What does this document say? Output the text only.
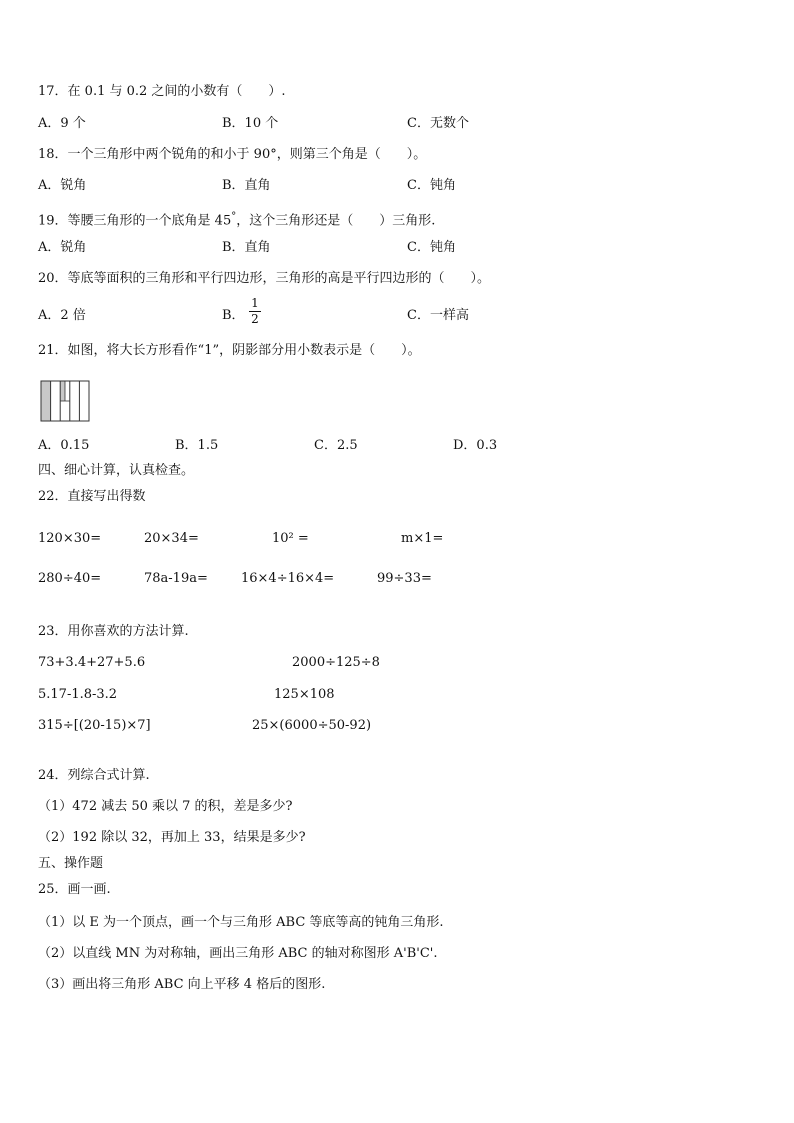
17．在 0.1 与 0.2 之间的小数有（　　）.
A．9 个	B．10 个	C．无数个
18．一个三角形中两个锐角的和小于 90°，则第三个角是（　　）。
A．锐角	B．直角	C．钝角
19．等腰三角形的一个底角是 45°，这个三角形还是（　　）三角形.
A．锐角	B．直角	C．钝角
20．等底等面积的三角形和平行四边形，三角形的高是平行四边形的（　　）。
A．2 倍	B．
1
2	C．一样高
21．如图，将大长方形看作“1”，阴影部分用小数表示是（　　）。
A．0.15	B．1.5	C．2.5	D．0.3
四、细心计算，认真检查。
22．直接写出得数
120×30=	20×34=	10² =	m×1=
280÷40=	78a-19a=	16×4÷16×4=	99÷33=
23．用你喜欢的方法计算.
73+3.4+27+5.6	2000÷125÷8
5.17-1.8-3.2	125×108
315÷[(20-15)×7]	25×(6000÷50-92)
24．列综合式计算.
（1）472 减去 50 乘以 7 的积，差是多少?
（2）192 除以 32，再加上 33，结果是多少?
五、操作题
25．画一画.
（1）以 E 为一个顶点，画一个与三角形 ABC 等底等高的钝角三角形.
（2）以直线 MN 为对称轴，画出三角形 ABC 的轴对称图形 A'B'C'.
（3）画出将三角形 ABC 向上平移 4 格后的图形.
